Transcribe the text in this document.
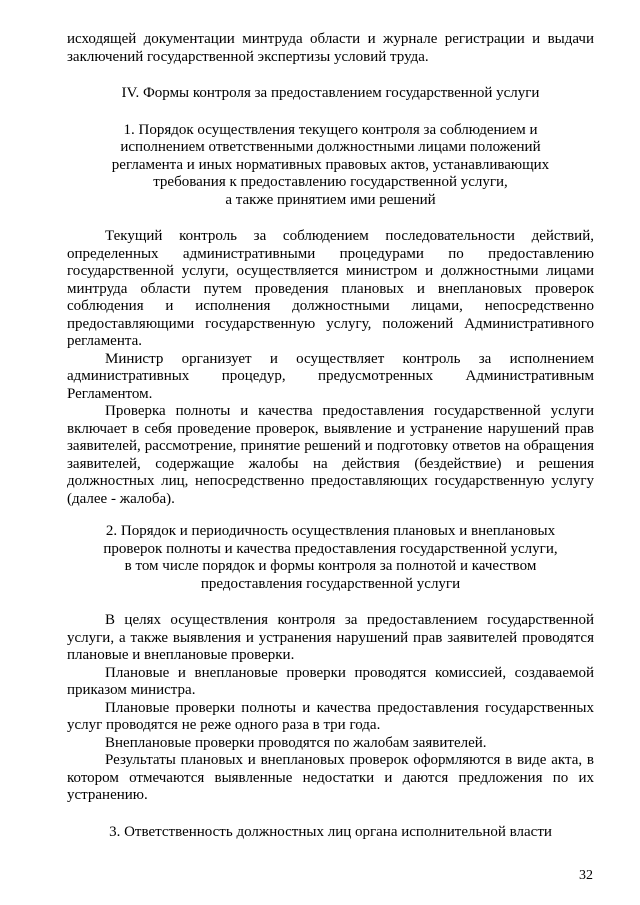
исходящей документации минтруда области и журнале регистрации и выдачи

заключений государственной экспертизы условий труда.

IV. Формы контроля за предоставлением государственной услуги

1. Порядок осуществления текущего контроля за соблюдением и

исполнением ответственными должностными лицами положений

регламента и иных нормативных правовых актов, устанавливающих

требования к предоставлению государственной услуги,

а также принятием ими решений

Текущий контроль за соблюдением последовательности действий, определенных административными процедурами по предоставлению государственной услуги, осуществляется министром и должностными лицами минтруда области путем проведения плановых и внеплановых проверок соблюдения и исполнения должностными лицами, непосредственно предоставляющими государственную услугу, положений Административного регламента.

Министр организует и осуществляет контроль за исполнением административных процедур, предусмотренных Административным Регламентом.

Проверка полноты и качества предоставления государственной услуги включает в себя проведение проверок, выявление и устранение нарушений прав заявителей, рассмотрение, принятие решений и подготовку ответов на обращения заявителей, содержащие жалобы на действия (бездействие) и решения должностных лиц, непосредственно предоставляющих государственную услугу (далее - жалоба).

2. Порядок и периодичность осуществления плановых и внеплановых

проверок полноты и качества предоставления государственной услуги,

в том числе порядок и формы контроля за полнотой и качеством

предоставления государственной услуги

В целях осуществления контроля за предоставлением государственной услуги, а также выявления и устранения нарушений прав заявителей проводятся плановые и внеплановые проверки.

Плановые и внеплановые проверки проводятся комиссией, создаваемой приказом министра.

Плановые проверки полноты и качества предоставления государственных услуг проводятся не реже одного раза в три года.

Внеплановые проверки проводятся по жалобам заявителей.

Результаты плановых и внеплановых проверок оформляются в виде акта, в котором отмечаются выявленные недостатки и даются предложения по их устранению.

3. Ответственность должностных лиц органа исполнительной власти

32
